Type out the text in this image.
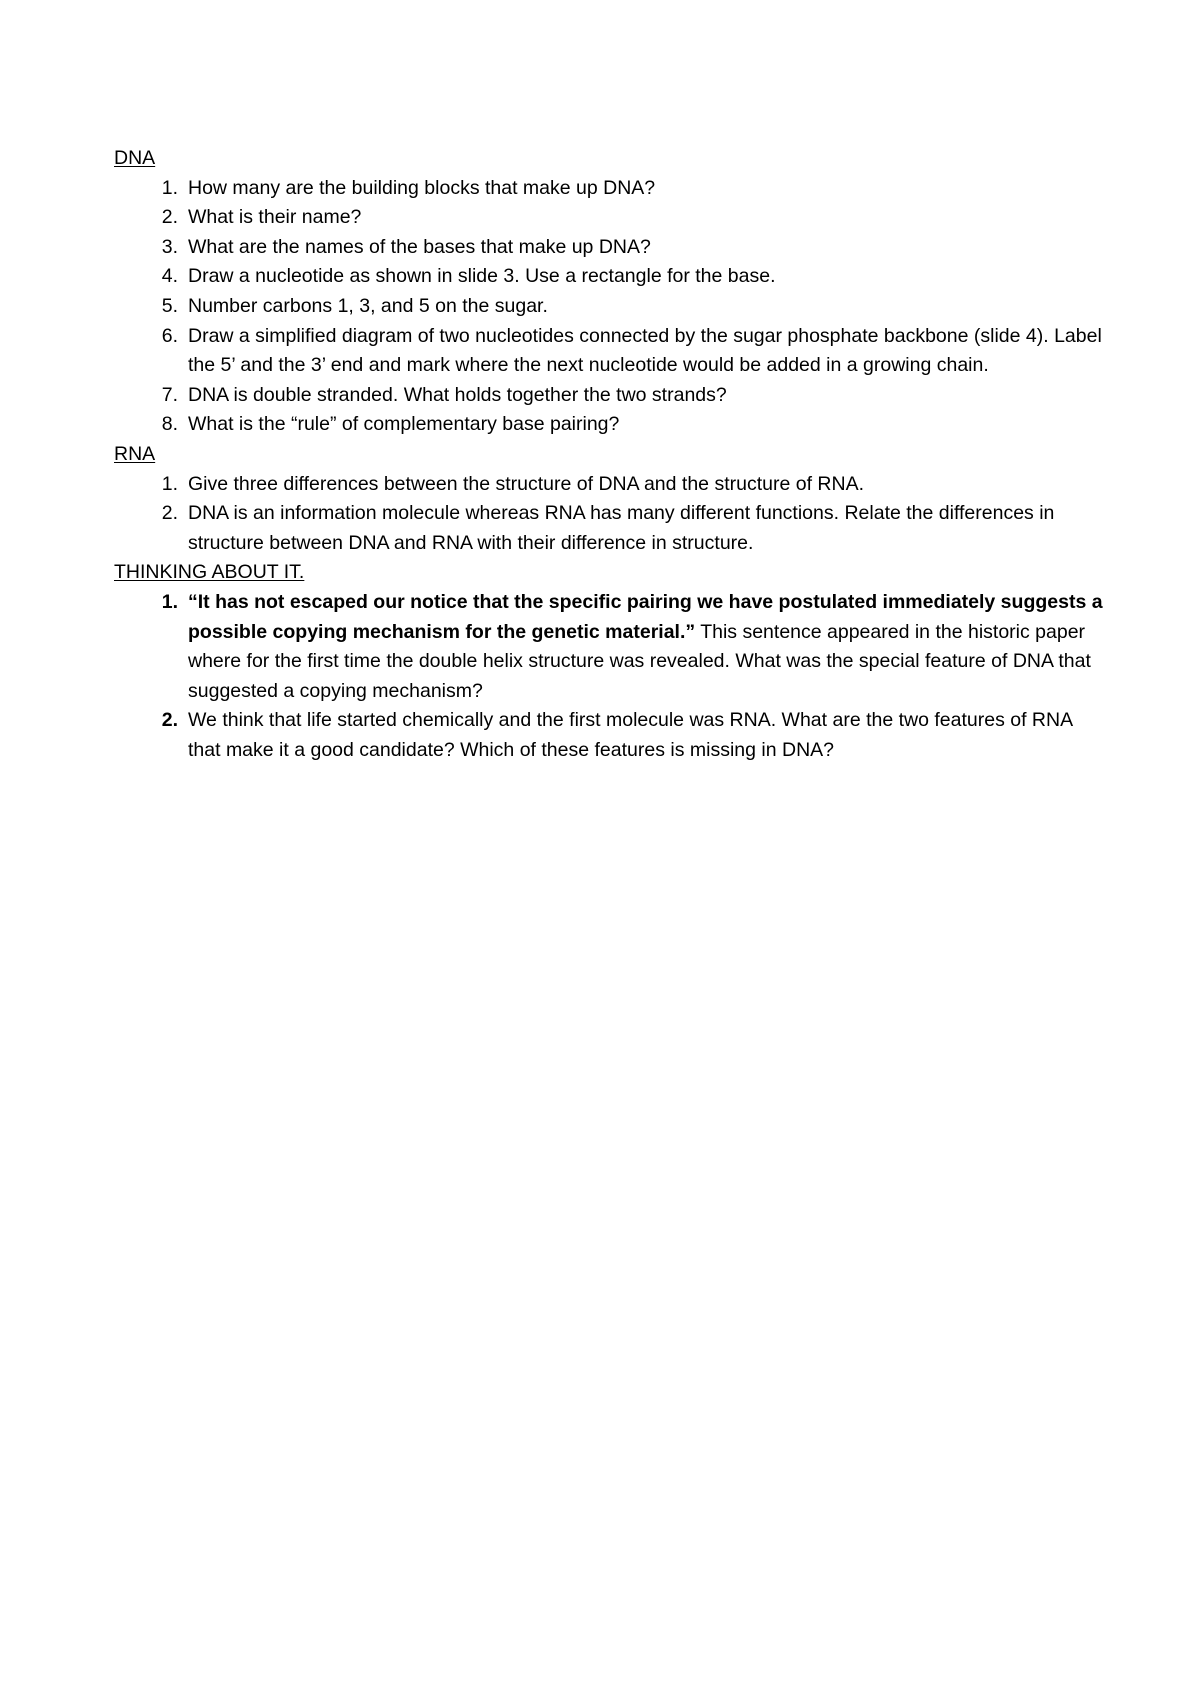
DNA
1. How many are the building blocks that make up DNA?
2. What is their name?
3. What are the names of the bases that make up DNA?
4. Draw a nucleotide as shown in slide 3. Use a rectangle for the base.
5. Number carbons 1, 3, and 5 on the sugar.
6. Draw a simplified diagram of two nucleotides connected by the sugar phosphate backbone (slide 4). Label the 5’ and the 3’ end and mark where the next nucleotide would be added in a growing chain.
7. DNA is double stranded. What holds together the two strands?
8. What is the “rule” of complementary base pairing?
RNA
1. Give three differences between the structure of DNA and the structure of RNA.
2. DNA is an information molecule whereas RNA has many different functions. Relate the differences in structure between DNA and RNA with their difference in structure.
THINKING ABOUT IT.
1. “It has not escaped our notice that the specific pairing we have postulated immediately suggests a possible copying mechanism for the genetic material.” This sentence appeared in the historic paper where for the first time the double helix structure was revealed. What was the special feature of DNA that suggested a copying mechanism?
2. We think that life started chemically and the first molecule was RNA. What are the two features of RNA that make it a good candidate? Which of these features is missing in DNA?
